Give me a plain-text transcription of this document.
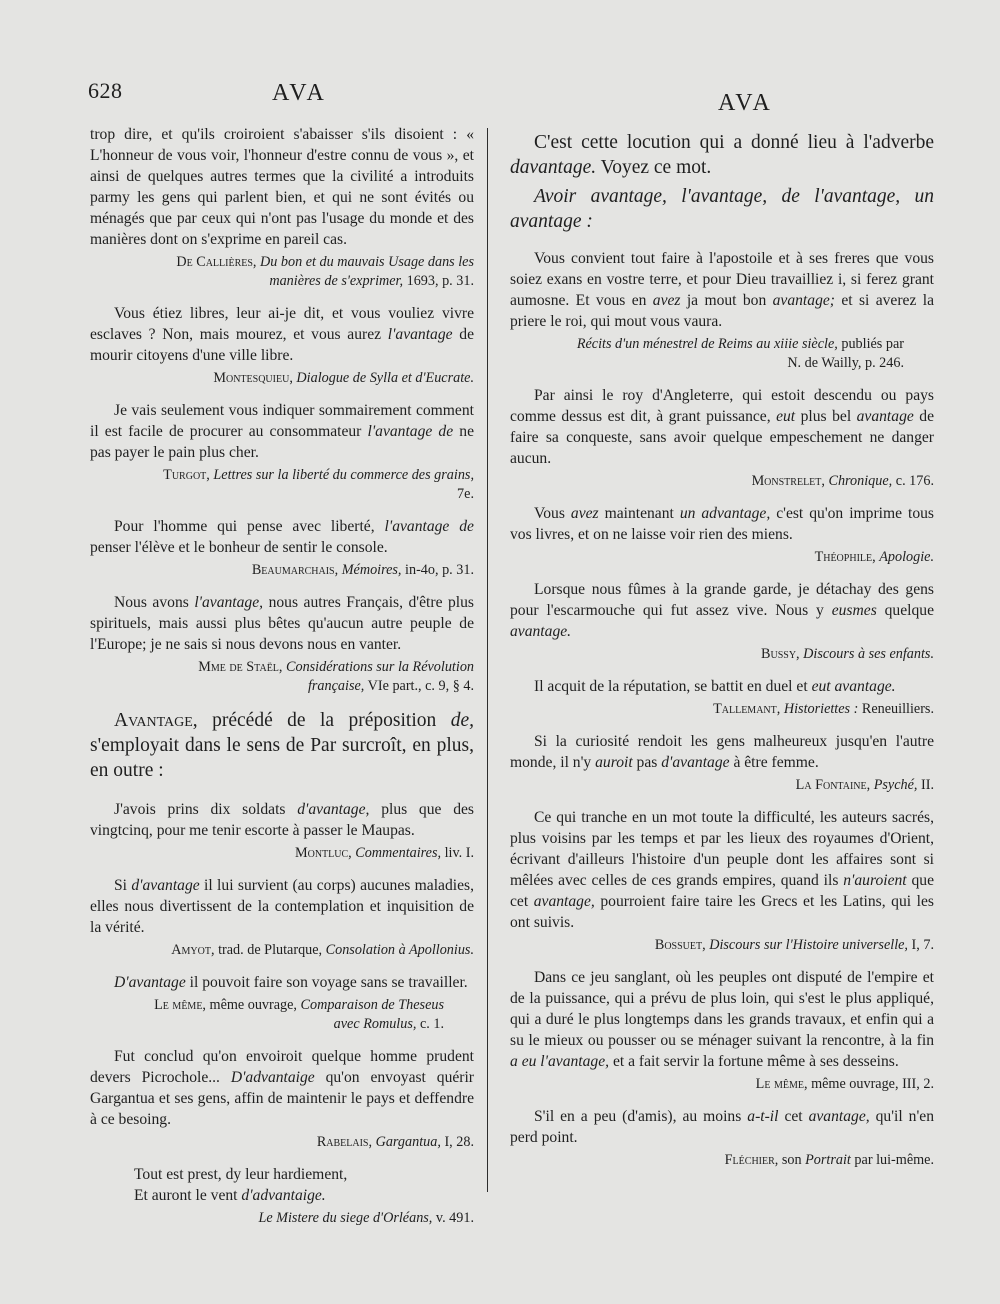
628	AVA	AVA

trop dire, et qu'ils croiroient s'abaisser s'ils disoient : « L'honneur de vous voir, l'honneur d'estre connu de vous », et ainsi de quelques autres termes que la civilité a introduits parmy les gens qui parlent bien, et qui ne sont évités ou ménagés que par ceux qui n'ont pas l'usage du monde et des manières dont on s'exprime en pareil cas.

De Callières, Du bon et du mauvais Usage dans les manières de s'exprimer, 1693, p. 31.

Vous étiez libres, leur ai-je dit, et vous vouliez vivre esclaves ? Non, mais mourez, et vous aurez l'avantage de mourir citoyens d'une ville libre.

Montesquieu, Dialogue de Sylla et d'Eucrate.

Je vais seulement vous indiquer sommairement comment il est facile de procurer au consommateur l'avantage de ne pas payer le pain plus cher.

Turgot, Lettres sur la liberté du commerce des grains, 7e.

Pour l'homme qui pense avec liberté, l'avantage de penser l'élève et le bonheur de sentir le console.

Beaumarchais, Mémoires, in-4o, p. 31.

Nous avons l'avantage, nous autres Français, d'être plus spirituels, mais aussi plus bêtes qu'aucun autre peuple de l'Europe; je ne sais si nous devons nous en vanter.

Mme de Staël, Considérations sur la Révolution française, VIe part., c. 9, § 4.

Avantage, précédé de la préposition de, s'employait dans le sens de Par surcroît, en plus, en outre :

J'avois prins dix soldats d'avantage, plus que des vingtcinq, pour me tenir escorte à passer le Maupas.

Montluc, Commentaires, liv. I.

Si d'avantage il lui survient (au corps) aucunes maladies, elles nous divertissent de la contemplation et inquisition de la vérité.

Amyot, trad. de Plutarque, Consolation à Apollonius.

D'avantage il pouvoit faire son voyage sans se travailler.

Le même, même ouvrage, Comparaison de Theseus avec Romulus, c. 1.

Fut conclud qu'on envoiroit quelque homme prudent devers Picrochole... D'advantaige qu'on envoyast quérir Gargantua et ses gens, affin de maintenir le pays et deffendre à ce besoing.

Rabelais, Gargantua, I, 28.

Tout est prest, dy leur hardiement,

Et auront le vent d'advantaige.

Le Mistere du siege d'Orléans, v. 491.

C'est cette locution qui a donné lieu à l'adverbe davantage. Voyez ce mot.

Avoir avantage, l'avantage, de l'avantage, un avantage :

Vous convient tout faire à l'apostoile et à ses freres que vous soiez exans en vostre terre, et pour Dieu travailliez i, si ferez grant aumosne. Et vous en avez ja mout bon avantage; et si averez la priere le roi, qui mout vous vaura.

Récits d'un ménestrel de Reims au xiiie siècle, publiés par N. de Wailly, p. 246.

Par ainsi le roy d'Angleterre, qui estoit descendu ou pays comme dessus est dit, à grant puissance, eut plus bel avantage de faire sa conqueste, sans avoir quelque empeschement ne danger aucun.

Monstrelet, Chronique, c. 176.

Vous avez maintenant un advantage, c'est qu'on imprime tous vos livres, et on ne laisse voir rien des miens.

Théophile, Apologie.

Lorsque nous fûmes à la grande garde, je détachay des gens pour l'escarmouche qui fut assez vive. Nous y eusmes quelque avantage.

Bussy, Discours à ses enfants.

Il acquit de la réputation, se battit en duel et eut avantage.

Tallemant, Historiettes : Reneuilliers.

Si la curiosité rendoit les gens malheureux jusqu'en l'autre monde, il n'y auroit pas d'avantage à être femme.

La Fontaine, Psyché, II.

Ce qui tranche en un mot toute la difficulté, les auteurs sacrés, plus voisins par les temps et par les lieux des royaumes d'Orient, écrivant d'ailleurs l'histoire d'un peuple dont les affaires sont si mêlées avec celles de ces grands empires, quand ils n'auroient que cet avantage, pourroient faire taire les Grecs et les Latins, qui les ont suivis.

Bossuet, Discours sur l'Histoire universelle, I, 7.

Dans ce jeu sanglant, où les peuples ont disputé de l'empire et de la puissance, qui a prévu de plus loin, qui s'est le plus appliqué, qui a duré le plus longtemps dans les grands travaux, et enfin qui a su le mieux ou pousser ou se ménager suivant la rencontre, à la fin a eu l'avantage, et a fait servir la fortune même à ses desseins.

Le même, même ouvrage, III, 2.

S'il en a peu (d'amis), au moins a-t-il cet avantage, qu'il n'en perd point.

Fléchier, son Portrait par lui-même.
